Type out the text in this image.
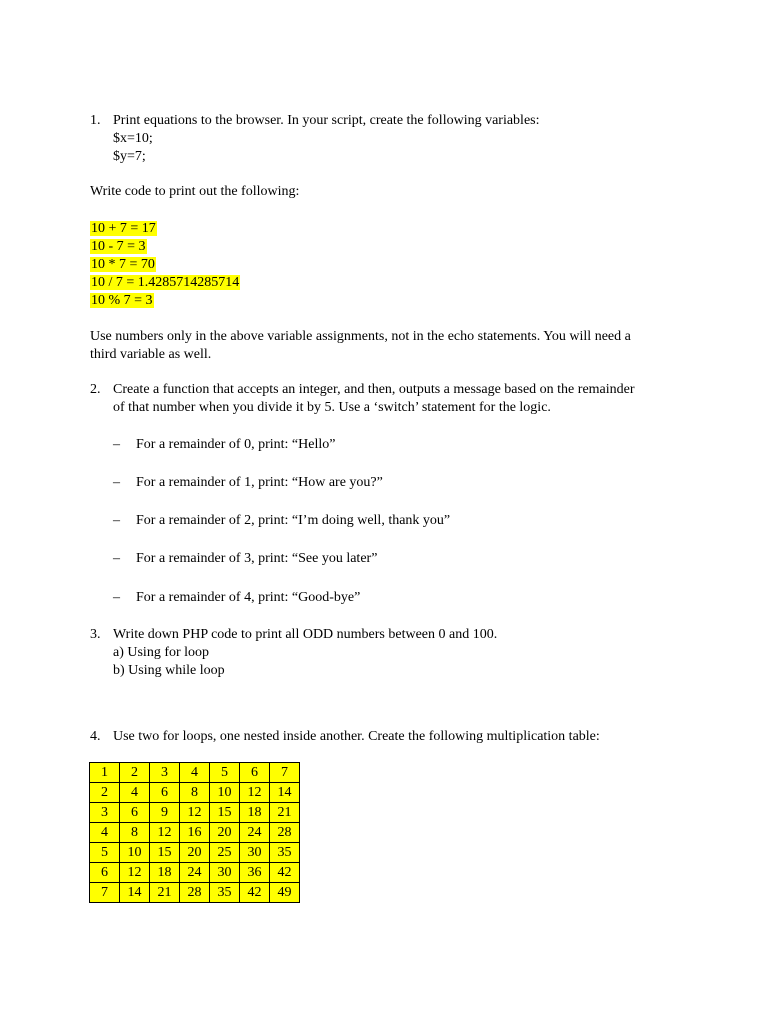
1. Print equations to the browser. In your script, create the following variables:
$x=10;
$y=7;
Write code to print out the following:
10 + 7 = 17
10 - 7 = 3
10 * 7 = 70
10 / 7 = 1.4285714285714
10 % 7 = 3
Use numbers only in the above variable assignments, not in the echo statements. You will need a
third variable as well.
2. Create a function that accepts an integer, and then, outputs a message based on the remainder
of that number when you divide it by 5. Use a ‘switch’ statement for the logic.
– For a remainder of 0, print: “Hello”
– For a remainder of 1, print: “How are you?”
– For a remainder of 2, print: “I’m doing well, thank you”
– For a remainder of 3, print: “See you later”
– For a remainder of 4, print: “Good-bye”
3. Write down PHP code to print all ODD numbers between 0 and 100.
a) Using for loop
b) Using while loop
4. Use two for loops, one nested inside another. Create the following multiplication table:
1	2	3	4	5	6	7
2	4	6	8	10	12	14
3	6	9	12	15	18	21
4	8	12	16	20	24	28
5	10	15	20	25	30	35
6	12	18	24	30	36	42
7	14	21	28	35	42	49
